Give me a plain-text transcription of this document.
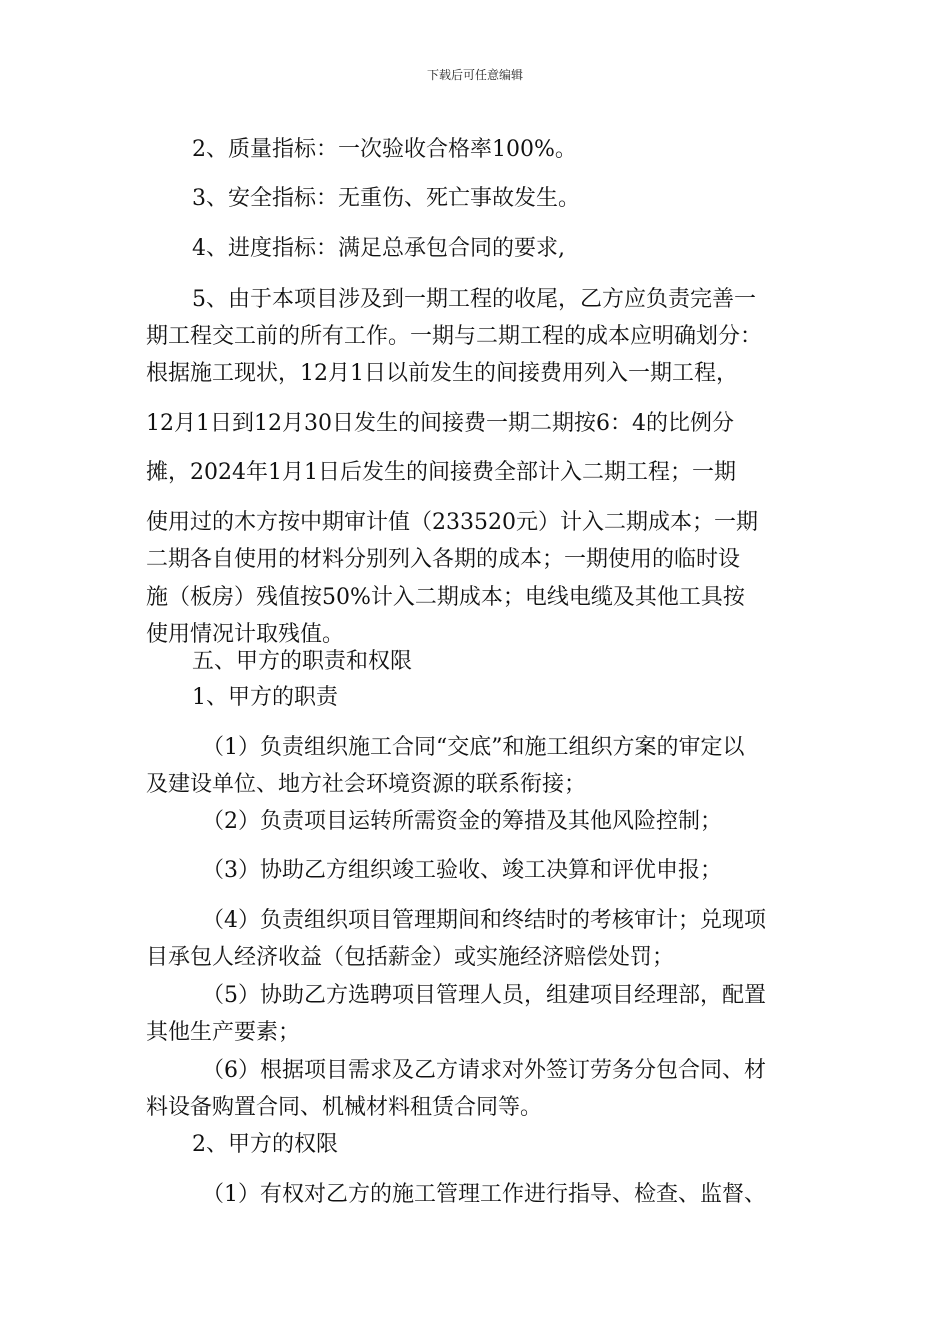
下载后可任意编辑
2、质量指标：一次验收合格率100%。
3、安全指标：无重伤、死亡事故发生。
4、进度指标：满足总承包合同的要求,
5、由于本项目涉及到一期工程的收尾，乙方应负责完善一
期工程交工前的所有工作。一期与二期工程的成本应明确划分：
根据施工现状，12月1日以前发生的间接费用列入一期工程，
12月1日到12月30日发生的间接费一期二期按6：4的比例分
摊，2024年1月1日后发生的间接费全部计入二期工程；一期
使用过的木方按中期审计值（233520元）计入二期成本；一期
二期各自使用的材料分别列入各期的成本；一期使用的临时设
施（板房）残值按50%计入二期成本；电线电缆及其他工具按
使用情况计取残值。
五、甲方的职责和权限
1、甲方的职责
（1）负责组织施工合同“交底”和施工组织方案的审定以
及建设单位、地方社会环境资源的联系衔接；
（2）负责项目运转所需资金的筹措及其他风险控制；
（3）协助乙方组织竣工验收、竣工决算和评优申报；
（4）负责组织项目管理期间和终结时的考核审计；兑现项
目承包人经济收益（包括薪金）或实施经济赔偿处罚；
（5）协助乙方选聘项目管理人员，组建项目经理部，配置
其他生产要素；
（6）根据项目需求及乙方请求对外签订劳务分包合同、材
料设备购置合同、机械材料租赁合同等。
2、甲方的权限
（1）有权对乙方的施工管理工作进行指导、检查、监督、
